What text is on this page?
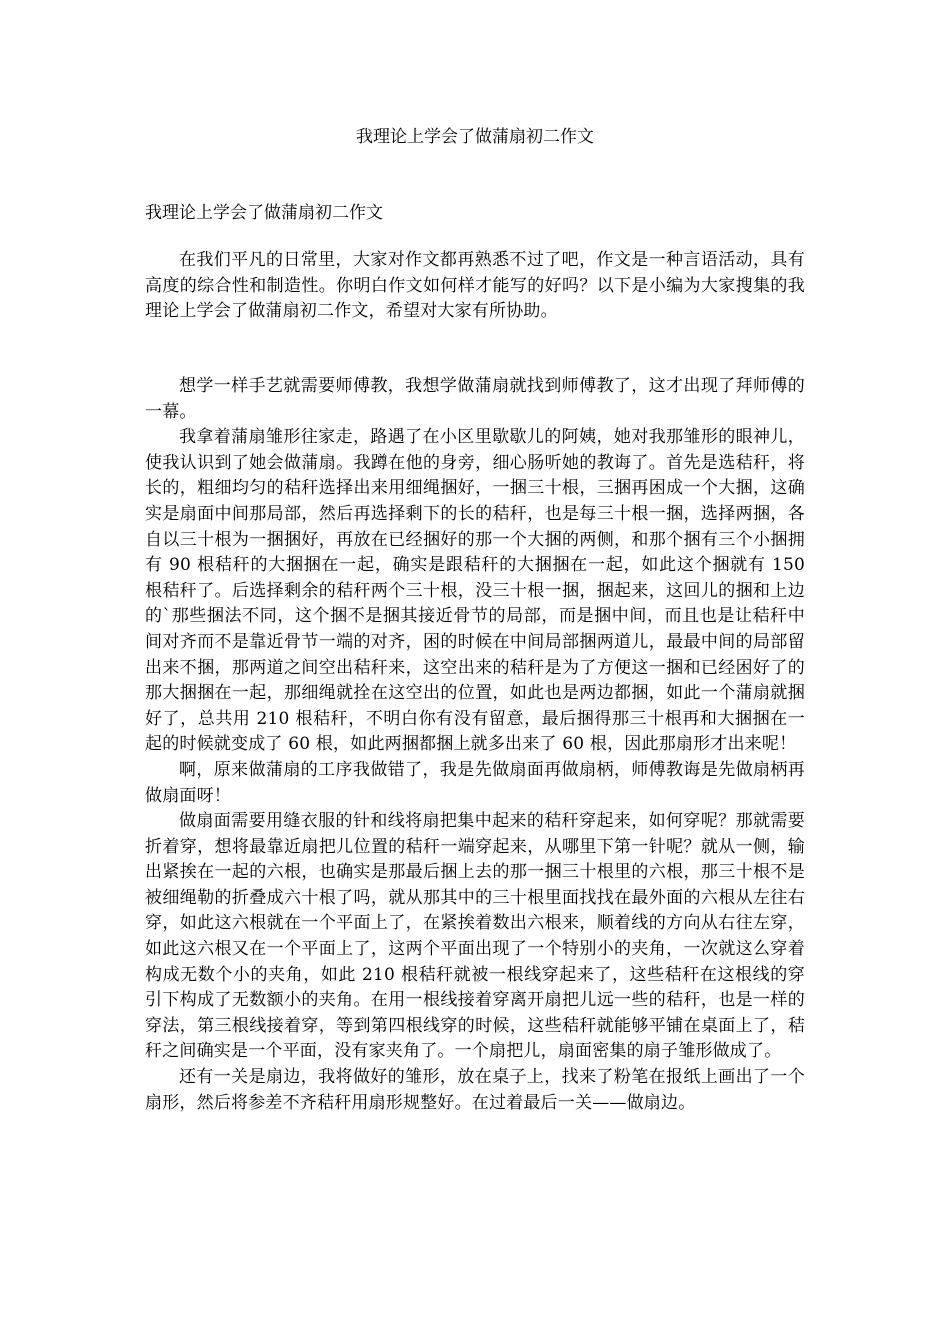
我理论上学会了做蒲扇初二作文
我理论上学会了做蒲扇初二作文

在我们平凡的日常里，大家对作文都再熟悉不过了吧，作文是一种言语活动，具有高度的综合性和制造性。你明白作文如何样才能写的好吗？以下是小编为大家搜集的我理论上学会了做蒲扇初二作文，希望对大家有所协助。

想学一样手艺就需要师傅教，我想学做蒲扇就找到师傅教了，这才出现了拜师傅的一幕。

我拿着蒲扇雏形往家走，路遇了在小区里歇歇儿的阿姨，她对我那雏形的眼神儿，使我认识到了她会做蒲扇。我蹲在他的身旁，细心肠听她的教诲了。首先是选秸秆，将长的，粗细均匀的秸秆选择出来用细绳捆好，一捆三十根，三捆再困成一个大捆，这确实是扇面中间那局部，然后再选择剩下的长的秸秆，也是每三十根一捆，选择两捆，各自以三十根为一捆捆好，再放在已经捆好的那一个大捆的两侧，和那个捆有三个小捆拥有 90 根秸秆的大捆捆在一起，确实是跟秸秆的大捆捆在一起，如此这个捆就有 150 根秸秆了。后选择剩余的秸秆两个三十根，没三十根一捆，捆起来，这回儿的捆和上边的`那些捆法不同，这个捆不是捆其接近骨节的局部，而是捆中间，而且也是让秸秆中间对齐而不是靠近骨节一端的对齐，困的时候在中间局部捆两道儿，最最中间的局部留出来不捆，那两道之间空出秸秆来，这空出来的秸秆是为了方便这一捆和已经困好了的那大捆捆在一起，那细绳就拴在这空出的位置，如此也是两边都捆，如此一个蒲扇就捆好了，总共用 210 根秸秆，不明白你有没有留意，最后捆得那三十根再和大捆捆在一起的时候就变成了 60 根，如此两捆都捆上就多出来了 60 根，因此那扇形才出来呢！

啊，原来做蒲扇的工序我做错了，我是先做扇面再做扇柄，师傅教诲是先做扇柄再做扇面呀！

做扇面需要用缝衣服的针和线将扇把集中起来的秸秆穿起来，如何穿呢？那就需要折着穿，想将最靠近扇把儿位置的秸秆一端穿起来，从哪里下第一针呢？就从一侧，输出紧挨在一起的六根，也确实是那最后捆上去的那一捆三十根里的六根，那三十根不是被细绳勒的折叠成六十根了吗，就从那其中的三十根里面找找在最外面的六根从左往右穿，如此这六根就在一个平面上了，在紧挨着数出六根来，顺着线的方向从右往左穿，如此这六根又在一个平面上了，这两个平面出现了一个特别小的夹角，一次就这么穿着构成无数个小的夹角，如此 210 根秸秆就被一根线穿起来了，这些秸秆在这根线的穿引下构成了无数额小的夹角。在用一根线接着穿离开扇把儿远一些的秸秆，也是一样的穿法，第三根线接着穿，等到第四根线穿的时候，这些秸秆就能够平铺在桌面上了，秸秆之间确实是一个平面，没有家夹角了。一个扇把儿，扇面密集的扇子雏形做成了。

还有一关是扇边，我将做好的雏形，放在桌子上，找来了粉笔在报纸上画出了一个扇形，然后将参差不齐秸秆用扇形规整好。在过着最后一关——做扇边。
